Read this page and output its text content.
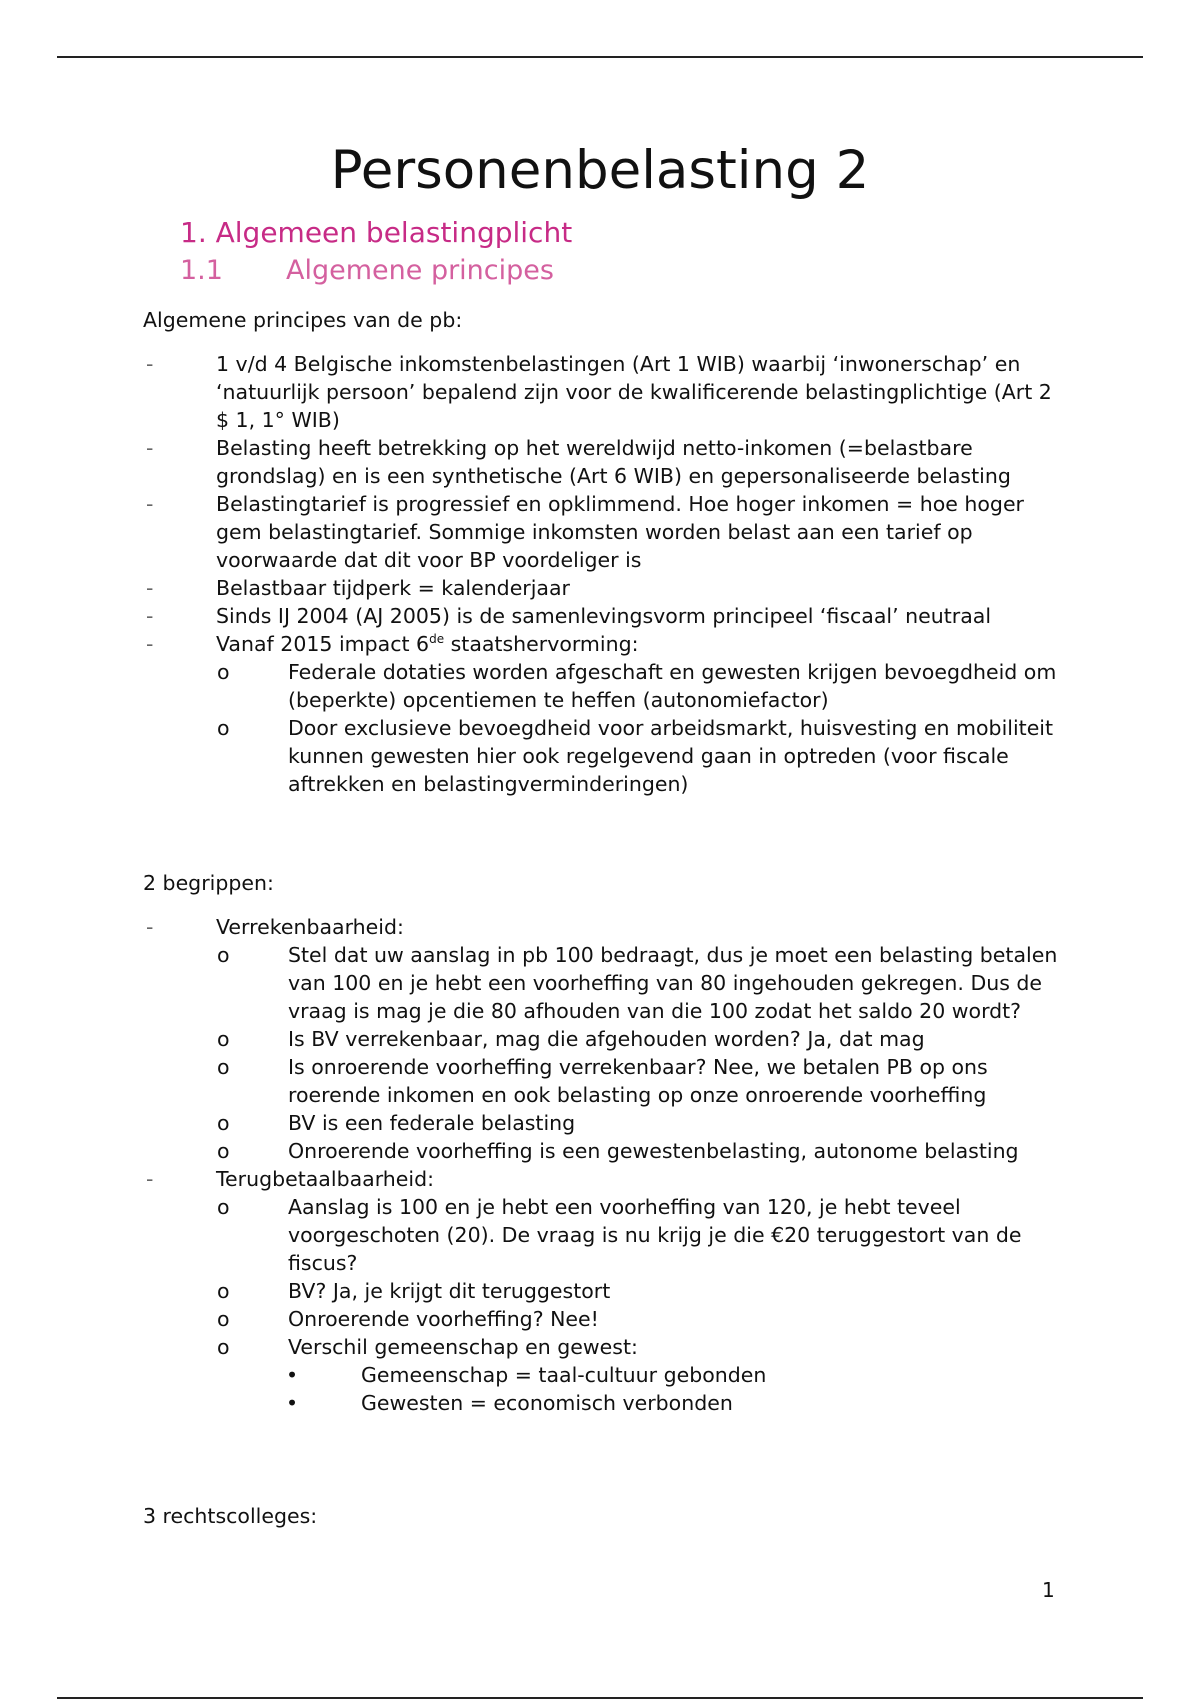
Personenbelasting 2
1. Algemeen belastingplicht
1.1 Algemene principes
Algemene principes van de pb:
-	1 v/d 4 Belgische inkomstenbelastingen (Art 1 WIB) waarbij ‘inwonerschap’ en ‘natuurlijk persoon’ bepalend zijn voor de kwalificerende belastingplichtige (Art 2 $ 1, 1° WIB)
-	Belasting heeft betrekking op het wereldwijd netto-inkomen (=belastbare grondslag) en is een synthetische (Art 6 WIB) en gepersonaliseerde belasting
-	Belastingtarief is progressief en opklimmend. Hoe hoger inkomen = hoe hoger gem belastingtarief. Sommige inkomsten worden belast aan een tarief op voorwaarde dat dit voor BP voordeliger is
-	Belastbaar tijdperk = kalenderjaar
-	Sinds IJ 2004 (AJ 2005) is de samenlevingsvorm principeel ‘fiscaal’ neutraal
-	Vanaf 2015 impact 6de staatshervorming:
o	Federale dotaties worden afgeschaft en gewesten krijgen bevoegdheid om (beperkte) opcentiemen te heffen (autonomiefactor)
o	Door exclusieve bevoegdheid voor arbeidsmarkt, huisvesting en mobiliteit kunnen gewesten hier ook regelgevend gaan in optreden (voor fiscale aftrekken en belastingverminderingen)
2 begrippen:
-	Verrekenbaarheid:
o	Stel dat uw aanslag in pb 100 bedraagt, dus je moet een belasting betalen van 100 en je hebt een voorheffing van 80 ingehouden gekregen. Dus de vraag is mag je die 80 afhouden van die 100 zodat het saldo 20 wordt?
o	Is BV verrekenbaar, mag die afgehouden worden? Ja, dat mag
o	Is onroerende voorheffing verrekenbaar? Nee, we betalen PB op ons roerende inkomen en ook belasting op onze onroerende voorheffing
o	BV is een federale belasting
o	Onroerende voorheffing is een gewestenbelasting, autonome belasting
-	Terugbetaalbaarheid:
o	Aanslag is 100 en je hebt een voorheffing van 120, je hebt teveel voorgeschoten (20). De vraag is nu krijg je die €20 teruggestort van de fiscus?
o	BV? Ja, je krijgt dit teruggestort
o	Onroerende voorheffing? Nee!
o	Verschil gemeenschap en gewest:
•	Gemeenschap = taal-cultuur gebonden
•	Gewesten = economisch verbonden
3 rechtscolleges:
1
